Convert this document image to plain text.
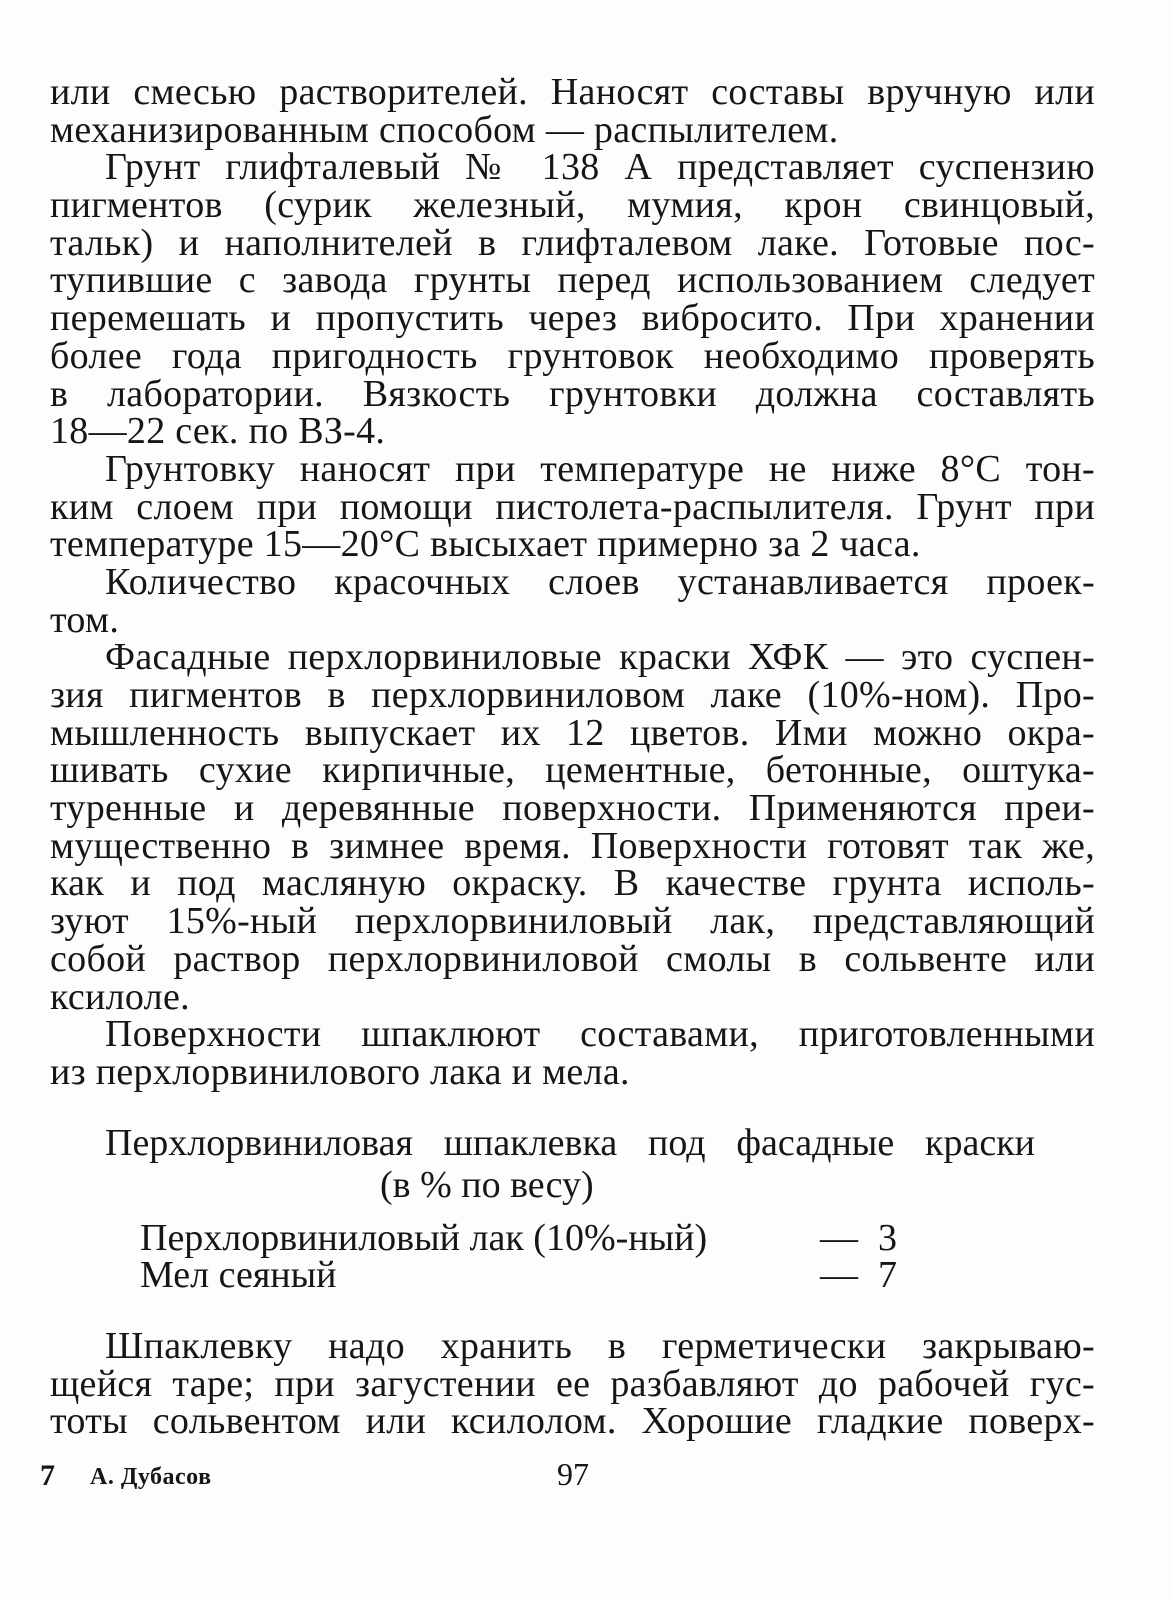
или смесью растворителей. Наносят составы вручную или
механизированным способом — распылителем.
Грунт глифталевый № 138 А представляет суспензию
пигментов (сурик железный, мумия, крон свинцовый,
тальк) и наполнителей в глифталевом лаке. Готовые пос-
тупившие с завода грунты перед использованием следует
перемешать и пропустить через вибросито. При хранении
более года пригодность грунтовок необходимо проверять
в лаборатории. Вязкость грунтовки должна составлять
18—22 сек. по ВЗ-4.
Грунтовку наносят при температуре не ниже 8°С тон-
ким слоем при помощи пистолета-распылителя. Грунт при
температуре 15—20°С высыхает примерно за 2 часа.
Количество красочных слоев устанавливается проек-
том.
Фасадные перхлорвиниловые краски ХФК — это суспен-
зия пигментов в перхлорвиниловом лаке (10%-ном). Про-
мышленность выпускает их 12 цветов. Ими можно окра-
шивать сухие кирпичные, цементные, бетонные, оштука-
туренные и деревянные поверхности. Применяются преи-
мущественно в зимнее время. Поверхности готовят так же,
как и под масляную окраску. В качестве грунта исполь-
зуют 15%-ный перхлорвиниловый лак, представляющий
собой раствор перхлорвиниловой смолы в сольвенте или
ксилоле.
Поверхности шпаклюют составами, приготовленными
из перхлорвинилового лака и мела.
Перхлорвиниловая шпаклевка под фасадные краски
(в % по весу)
Перхлорвиниловый лак (10%-ный)	— 3
Мел сеяный	— 7
Шпаклевку надо хранить в герметически закрываю-
щейся таре; при загустении ее разбавляют до рабочей гус-
тоты сольвентом или ксилолом. Хорошие гладкие поверх-
7 А. Дубасов	97
